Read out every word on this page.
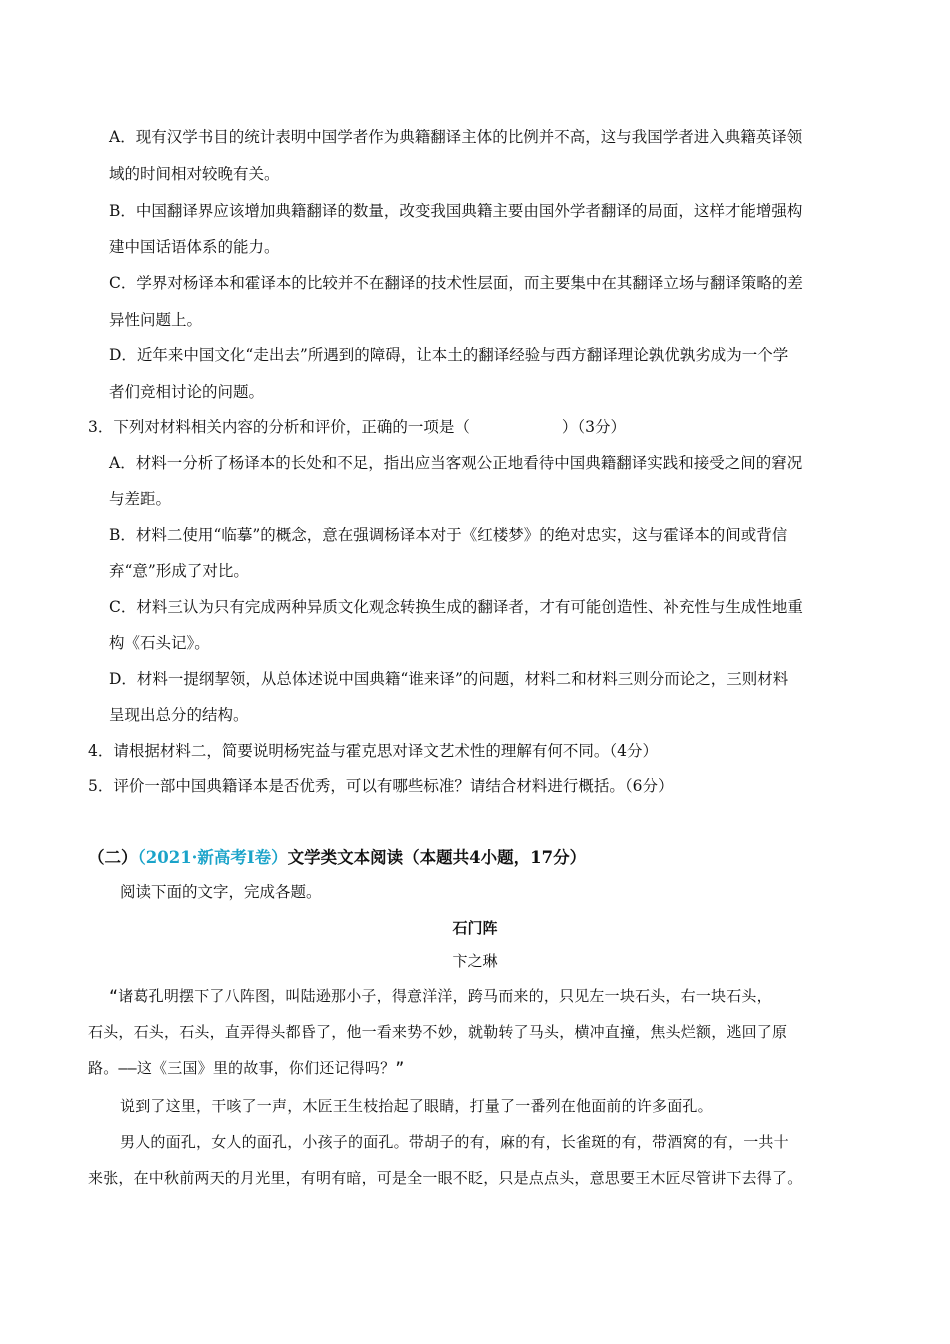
A．现有汉学书目的统计表明中国学者作为典籍翻译主体的比例并不高，这与我国学者进入典籍英译领
域的时间相对较晚有关。
B．中国翻译界应该增加典籍翻译的数量，改变我国典籍主要由国外学者翻译的局面，这样才能增强构
建中国话语体系的能力。
C．学界对杨译本和霍译本的比较并不在翻译的技术性层面，而主要集中在其翻译立场与翻译策略的差
异性问题上。
D．近年来中国文化“走出去”所遇到的障碍，让本土的翻译经验与西方翻译理论孰优孰劣成为一个学
者们竞相讨论的问题。
3．下列对材料相关内容的分析和评价，正确的一项是（	）（3分）
A．材料一分析了杨译本的长处和不足，指出应当客观公正地看待中国典籍翻译实践和接受之间的窘况
与差距。
B．材料二使用“临摹”的概念，意在强调杨译本对于《红楼梦》的绝对忠实，这与霍译本的间或背信
弃“意”形成了对比。
C．材料三认为只有完成两种异质文化观念转换生成的翻译者，才有可能创造性、补充性与生成性地重
构《石头记》。
D．材料一提纲挈领，从总体述说中国典籍“谁来译”的问题，材料二和材料三则分而论之，三则材料
呈现出总分的结构。
4．请根据材料二，简要说明杨宪益与霍克思对译文艺术性的理解有何不同。（4分）
5．评价一部中国典籍译本是否优秀，可以有哪些标准？请结合材料进行概括。（6分）
（二）（2021·新高考Ⅰ卷）文学类文本阅读（本题共4小题，17分）
阅读下面的文字，完成各题。
石门阵
卞之琳
“诸葛孔明摆下了八阵图，叫陆逊那小子，得意洋洋，跨马而来的，只见左一块石头，右一块石头，
石头，石头，石头，直弄得头都昏了，他一看来势不妙，就勒转了马头，横冲直撞，焦头烂额，逃回了原
路。——这《三国》里的故事，你们还记得吗？”
说到了这里，干咳了一声，木匠王生枝抬起了眼睛，打量了一番列在他面前的许多面孔。
男人的面孔，女人的面孔，小孩子的面孔。带胡子的有，麻的有，长雀斑的有，带酒窝的有，一共十
来张，在中秋前两天的月光里，有明有暗，可是全一眼不眨，只是点点头，意思要王木匠尽管讲下去得了。
